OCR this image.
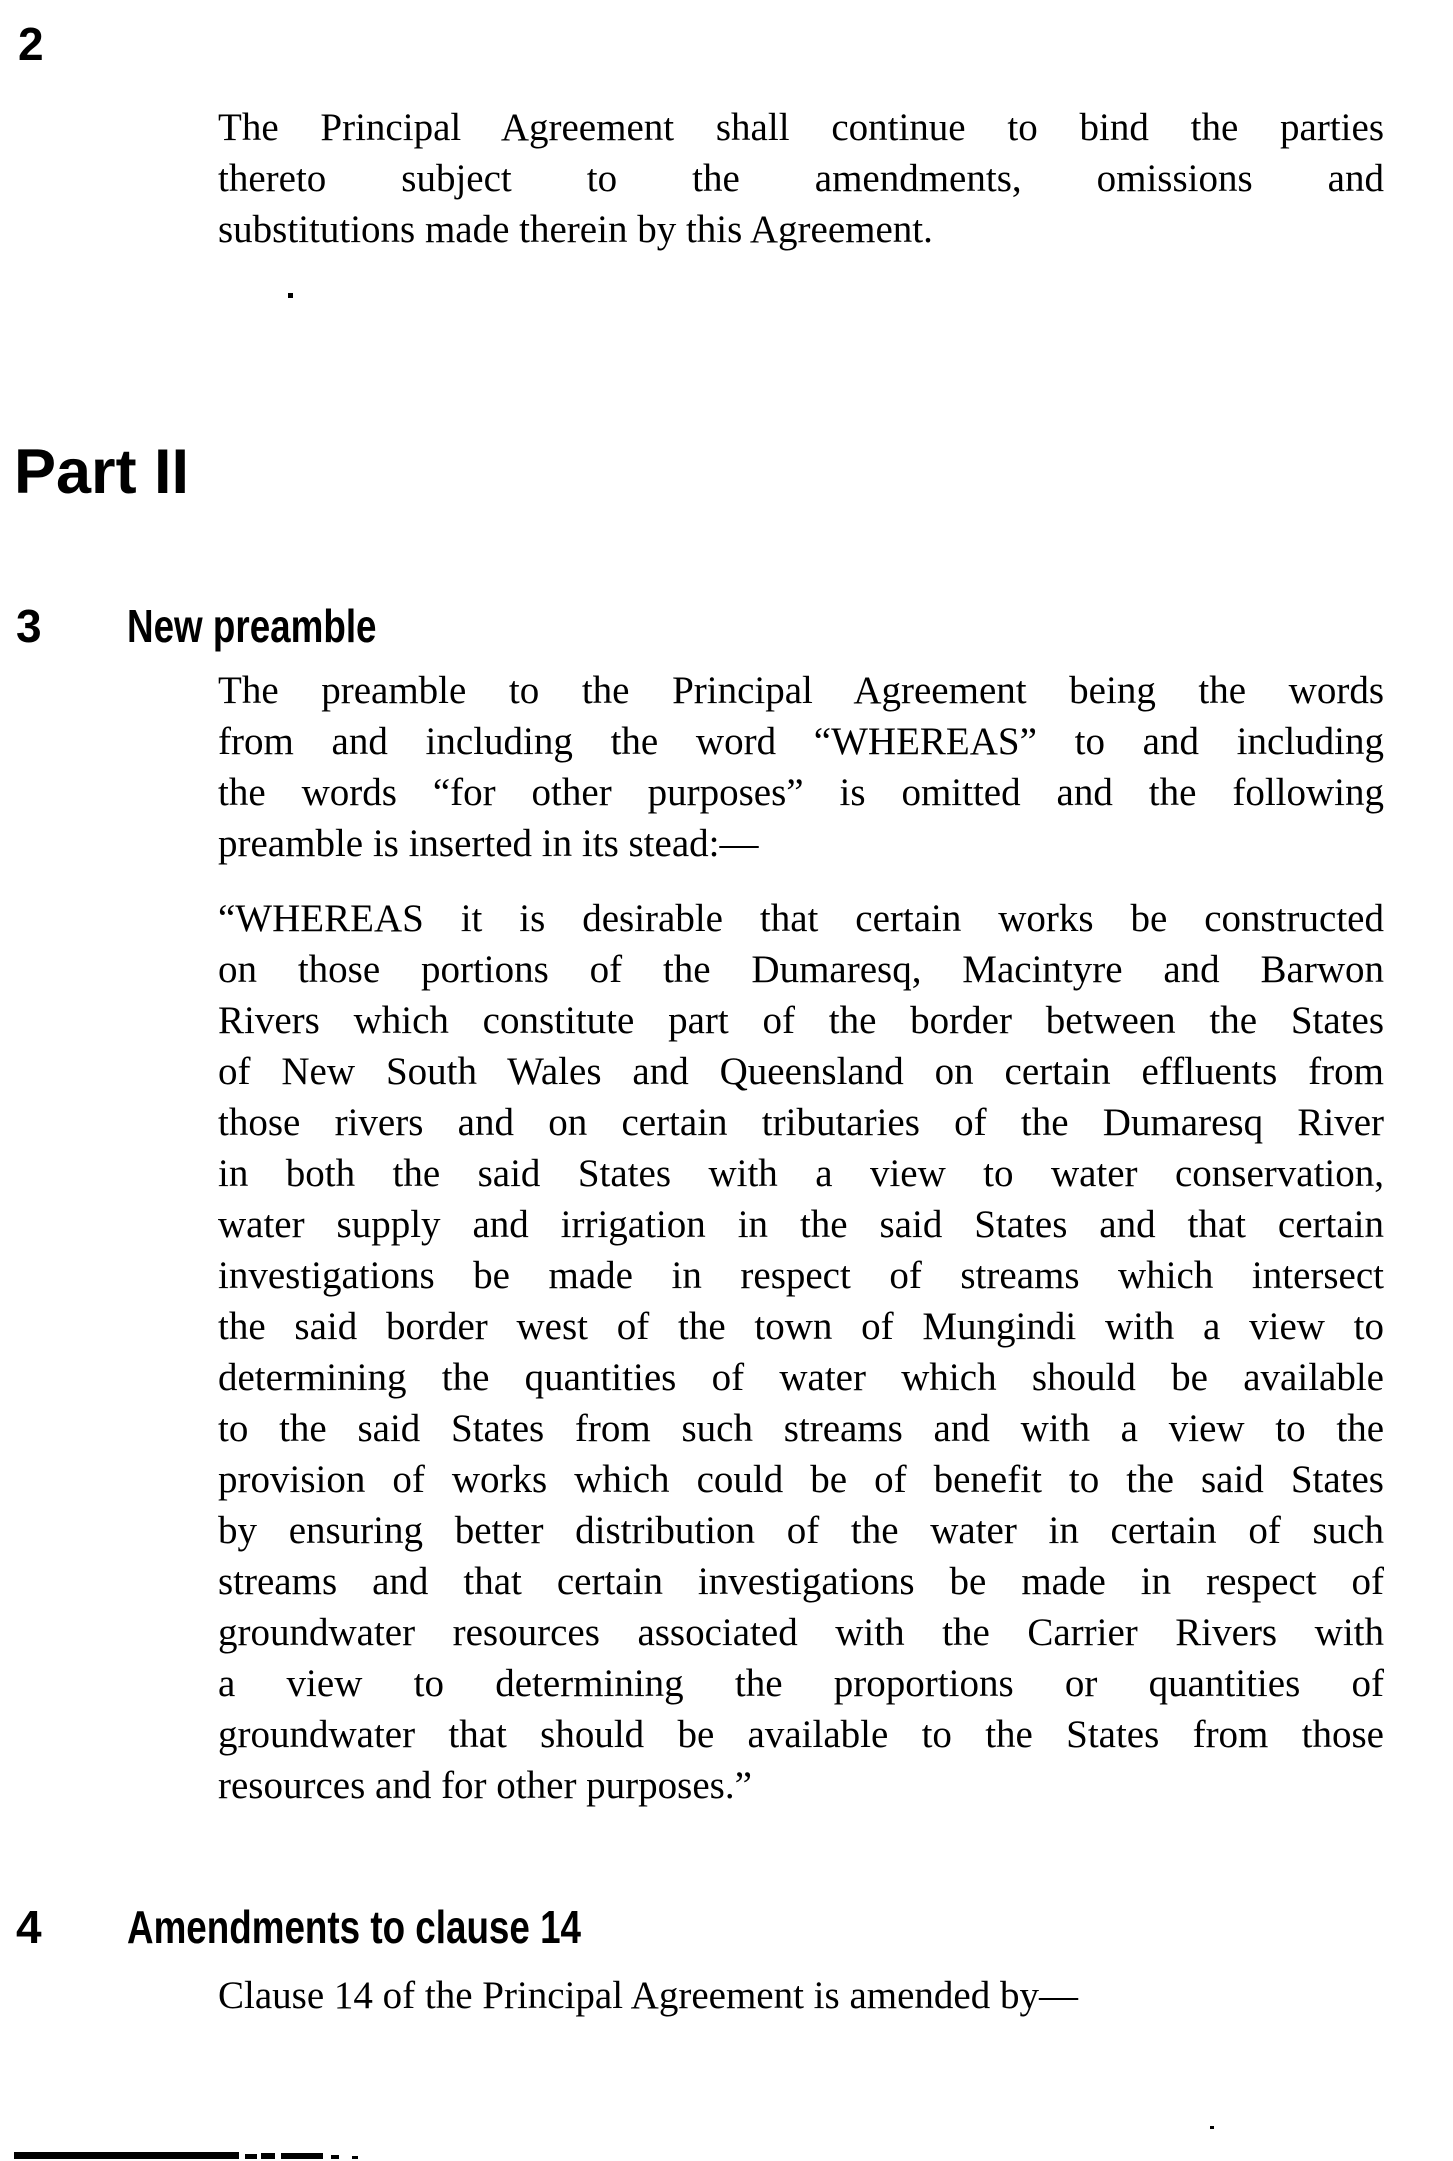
2
The Principal Agreement shall continue to bind the parties
thereto subject to the amendments, omissions and
substitutions made therein by this Agreement.
Part II
3 New preamble
The preamble to the Principal Agreement being the words
from and including the word “WHEREAS” to and including
the words “for other purposes” is omitted and the following
preamble is inserted in its stead:—
“WHEREAS it is desirable that certain works be constructed
on those portions of the Dumaresq, Macintyre and Barwon
Rivers which constitute part of the border between the States
of New South Wales and Queensland on certain effluents from
those rivers and on certain tributaries of the Dumaresq River
in both the said States with a view to water conservation,
water supply and irrigation in the said States and that certain
investigations be made in respect of streams which intersect
the said border west of the town of Mungindi with a view to
determining the quantities of water which should be available
to the said States from such streams and with a view to the
provision of works which could be of benefit to the said States
by ensuring better distribution of the water in certain of such
streams and that certain investigations be made in respect of
groundwater resources associated with the Carrier Rivers with
a view to determining the proportions or quantities of
groundwater that should be available to the States from those
resources and for other purposes.”
4 Amendments to clause 14
Clause 14 of the Principal Agreement is amended by—
